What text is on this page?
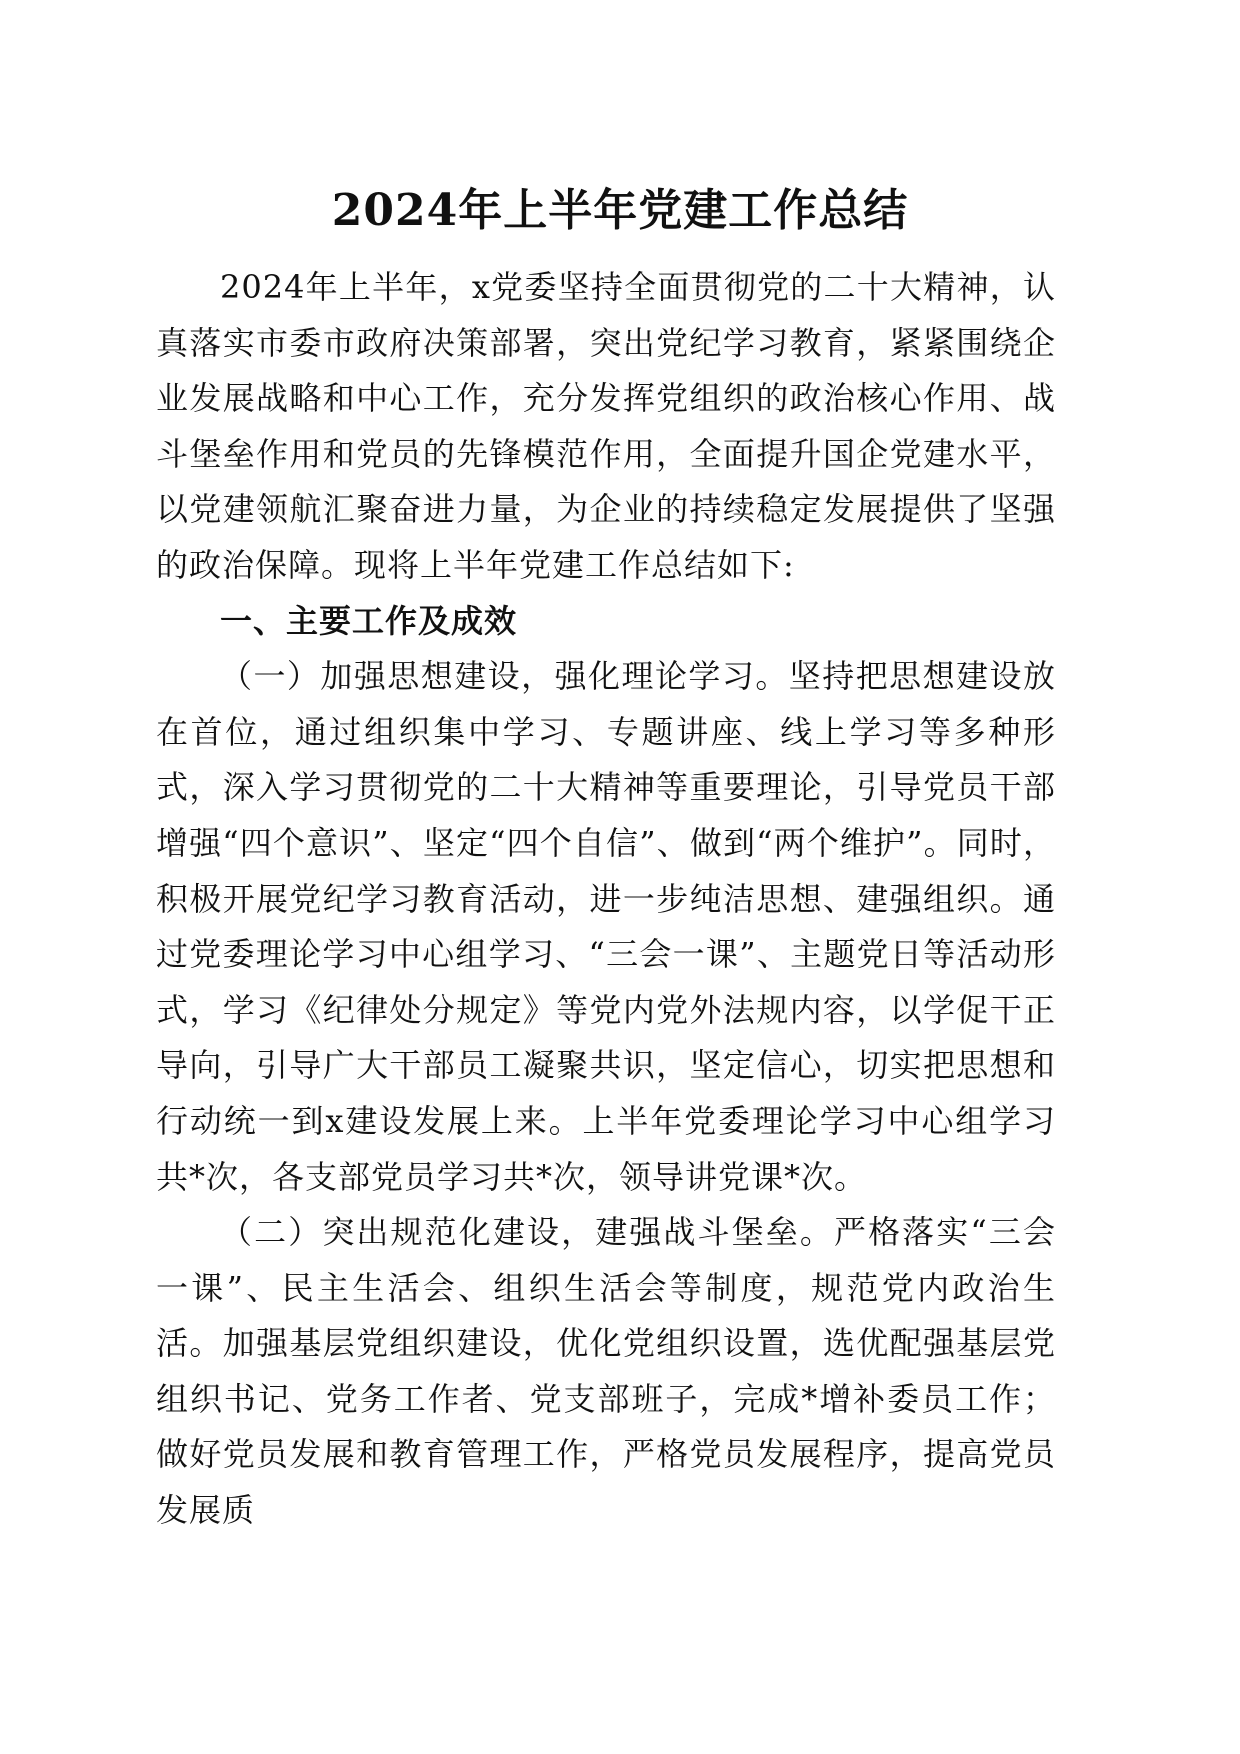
2024年上半年党建工作总结

2024年上半年，x党委坚持全面贯彻党的二十大精神，认真落实市委市政府决策部署，突出党纪学习教育，紧紧围绕企业发展战略和中心工作，充分发挥党组织的政治核心作用、战斗堡垒作用和党员的先锋模范作用，全面提升国企党建水平，以党建领航汇聚奋进力量，为企业的持续稳定发展提供了坚强的政治保障。现将上半年党建工作总结如下:

一、主要工作及成效

（一）加强思想建设，强化理论学习。坚持把思想建设放在首位，通过组织集中学习、专题讲座、线上学习等多种形式，深入学习贯彻党的二十大精神等重要理论，引导党员干部增强“四个意识”、坚定“四个自信”、做到“两个维护”。同时，积极开展党纪学习教育活动，进一步纯洁思想、建强组织。通过党委理论学习中心组学习、“三会一课”、主题党日等活动形式，学习《纪律处分规定》等党内党外法规内容，以学促干正导向，引导广大干部员工凝聚共识，坚定信心，切实把思想和行动统一到x建设发展上来。上半年党委理论学习中心组学习共*次，各支部党员学习共*次，领导讲党课*次。

（二）突出规范化建设，建强战斗堡垒。严格落实“三会一课”、民主生活会、组织生活会等制度，规范党内政治生活。加强基层党组织建设，优化党组织设置，选优配强基层党组织书记、党务工作者、党支部班子，完成*增补委员工作；做好党员发展和教育管理工作，严格党员发展程序，提高党员发展质
